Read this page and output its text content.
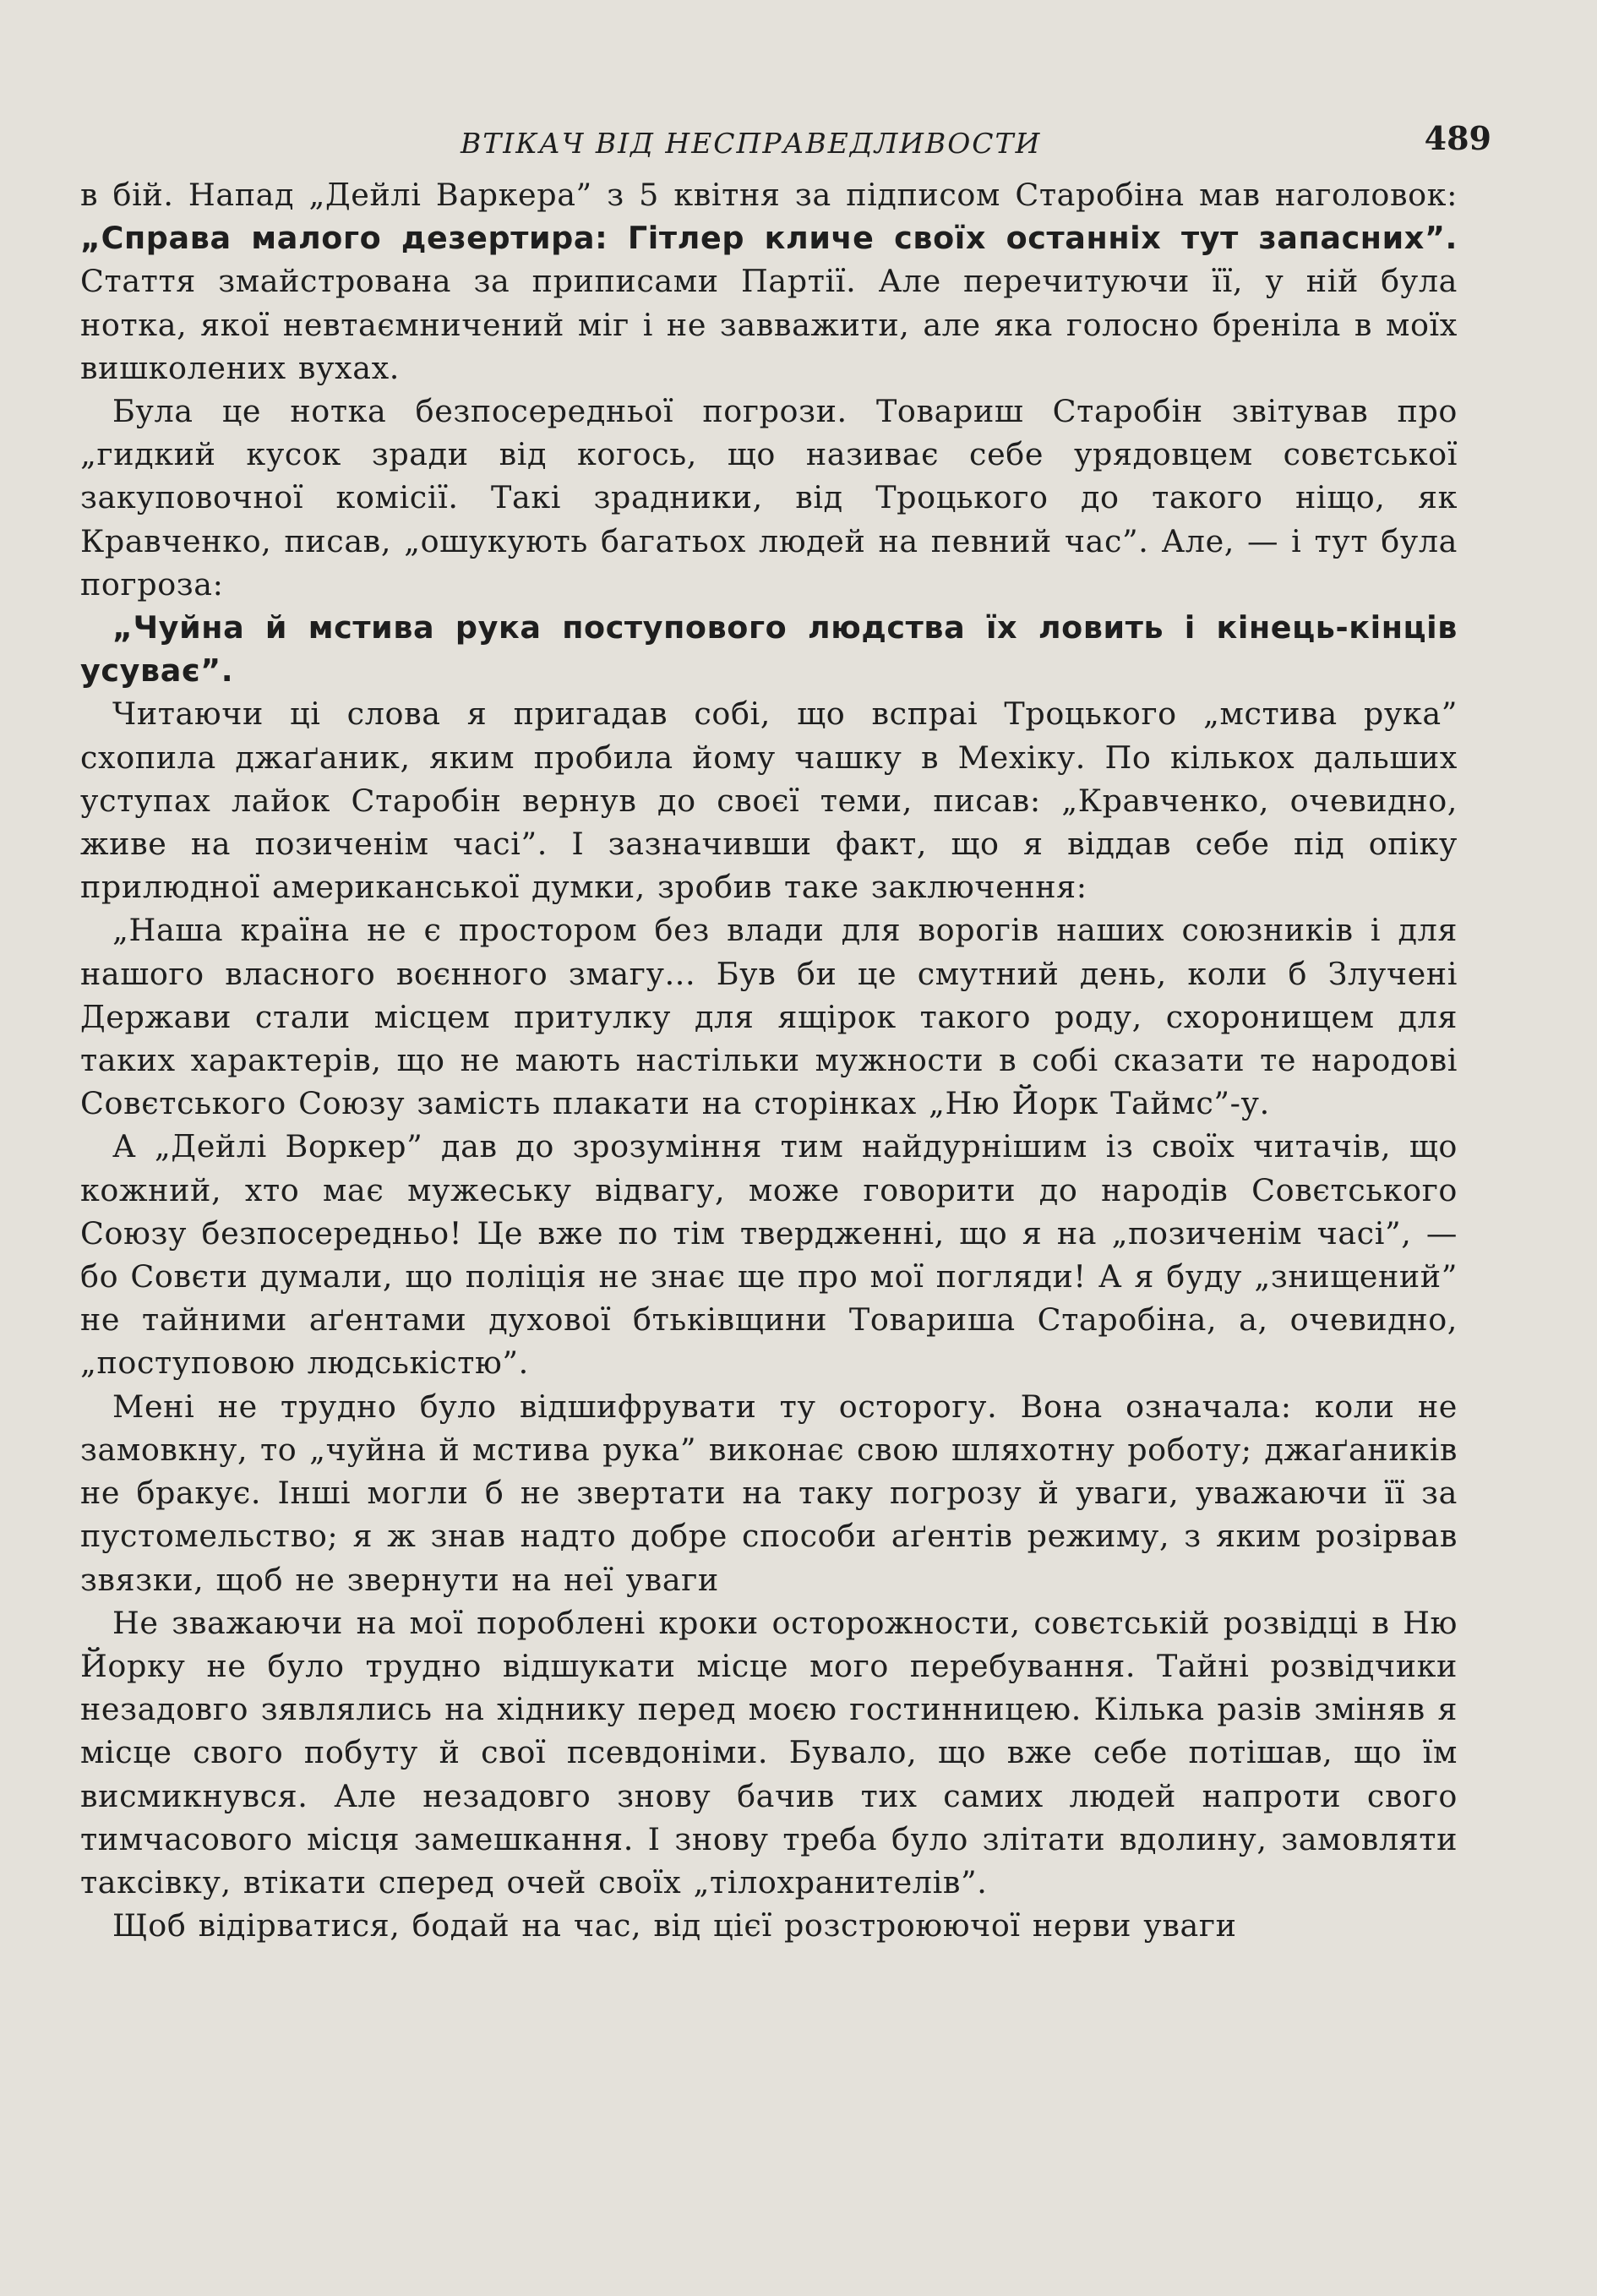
ВТІКАЧ ВІД НЕСПРАВЕДЛИВОСТИ	489

в бій. Напад „Дейлі Варкера” з 5 квітня за підписом Старобіна мав наголовок: „Справа малого дезертира: Гітлер кличе своїх останніх тут запасних”. Стаття змайстрована за приписами Партії. Але перечитуючи її, у ній була нотка, якої невтаємничений міг і не завважити, але яка голосно бреніла в моїх вишколених вухах.

Була це нотка безпосередньої погрози. Товариш Старобін звітував про „гидкий кусок зради від когось, що називає себе урядовцем совєтської закуповочної комісії. Такі зрадники, від Троцького до такого ніщо, як Кравченко, писав, „ошукують багатьох людей на певний час”. Але, — і тут була погроза:

„Чуйна й мстива рука поступового людства їх ловить і кінець-кінців усуває”.

Читаючи ці слова я пригадав собі, що вспраі Троцького „мстива рука” схопила джаґаник, яким пробила йому чашку в Мехіку. По кількох дальших уступах лайок Старобін вернув до своєї теми, писав: „Кравченко, очевидно, живе на позиченім часі”. І зазначивши факт, що я віддав себе під опіку прилюдної американської думки, зробив таке заключення:

„Наша країна не є простором без влади для ворогів наших союзників і для нашого власного воєнного змагу... Був би це смутний день, коли б Злучені Держави стали місцем притулку для ящірок такого роду, схоронищем для таких характерів, що не мають настільки мужности в собі сказати те народові Совєтського Союзу замість плакати на сторінках „Ню Йорк Таймс”-у.

А „Дейлі Воркер” дав до зрозуміння тим найдурнішим із своїх читачів, що кожний, хто має мужеську відвагу, може говорити до народів Совєтського Союзу безпосередньо! Це вже по тім твердженні, що я на „позиченім часі”, — бо Совєти думали, що поліція не знає ще про мої погляди! А я буду „знищений” не тайними аґентами духової бтьківщини Товариша Старобіна, а, очевидно, „поступовою людськістю”.

Мені не трудно було відшифрувати ту осторогу. Вона означала: коли не замовкну, то „чуйна й мстива рука” виконає свою шляхотну роботу; джаґаників не бракує. Інші могли б не звертати на таку погрозу й уваги, уважаючи її за пустомельство; я ж знав надто добре способи аґентів режиму, з яким розірвав звязки, щоб не звернути на неї уваги

Не зважаючи на мої пороблені кроки осторожности, совєтській розвідці в Ню Йорку не було трудно відшукати місце мого перебування. Тайні розвідчики незадовго зявлялись на хіднику перед моєю гостинницею. Кілька разів зміняв я місце свого побуту й свої псевдоніми. Бувало, що вже себе потішав, що їм висмикнувся. Але незадовго знову бачив тих самих людей напроти свого тимчасового місця замешкання. І знову треба було злітати вдолину, замовляти таксівку, втікати сперед очей своїх „тілохранителів”.

Щоб відірватися, бодай на час, від цієї розстроюючої нерви уваги
